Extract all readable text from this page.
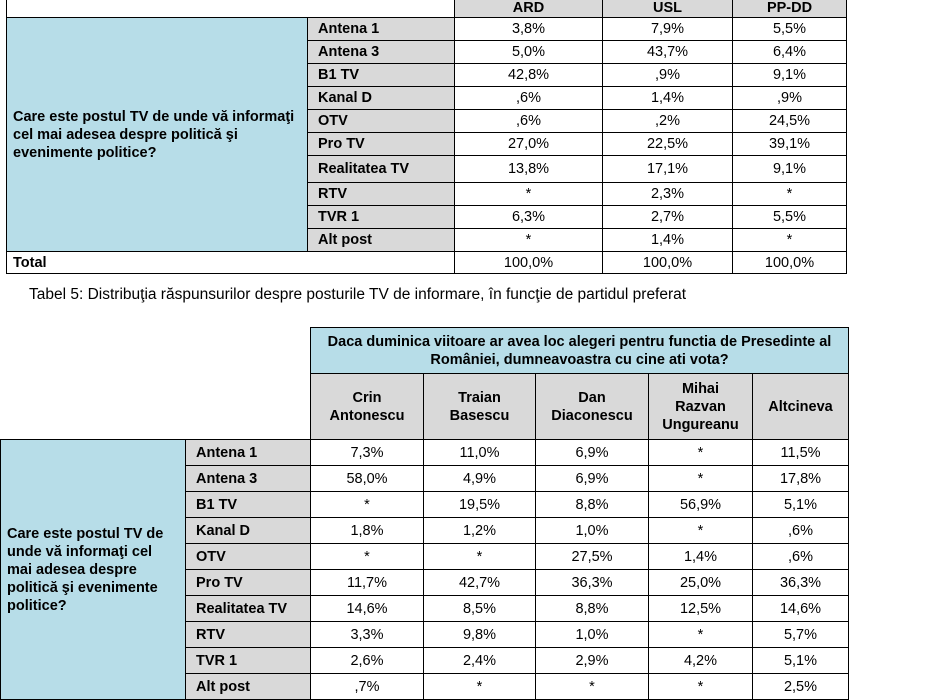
		ARD	USL	PP-DD
Care este postul TV de unde vă informaţi cel mai adesea despre politică şi evenimente politice?	Antena 1	3,8%	7,9%	5,5%
	Antena 3	5,0%	43,7%	6,4%
	B1 TV	42,8%	,9%	9,1%
	Kanal D	,6%	1,4%	,9%
	OTV	,6%	,2%	24,5%
	Pro TV	27,0%	22,5%	39,1%
	Realitatea TV	13,8%	17,1%	9,1%
	RTV	*	2,3%	*
	TVR 1	6,3%	2,7%	5,5%
	Alt post	*	1,4%	*
Total		100,0%	100,0%	100,0%
Tabel 5: Distribuţia răspunsurilor despre posturile TV de informare, în funcţie de partidul preferat
		Daca duminica viitoare ar avea loc alegeri pentru functia de Presedinte al României, dumneavoastra cu cine ati vota?				
		Crin Antonescu	Traian Basescu	Dan Diaconescu	Mihai Razvan Ungureanu	Altcineva
Care este postul TV de unde vă informaţi cel mai adesea despre politică şi evenimente politice?	Antena 1	7,3%	11,0%	6,9%	*	11,5%
	Antena 3	58,0%	4,9%	6,9%	*	17,8%
	B1 TV	*	19,5%	8,8%	56,9%	5,1%
	Kanal D	1,8%	1,2%	1,0%	*	,6%
	OTV	*	*	27,5%	1,4%	,6%
	Pro TV	11,7%	42,7%	36,3%	25,0%	36,3%
	Realitatea TV	14,6%	8,5%	8,8%	12,5%	14,6%
	RTV	3,3%	9,8%	1,0%	*	5,7%
	TVR 1	2,6%	2,4%	2,9%	4,2%	5,1%
	Alt post	,7%	*	*	*	2,5%
